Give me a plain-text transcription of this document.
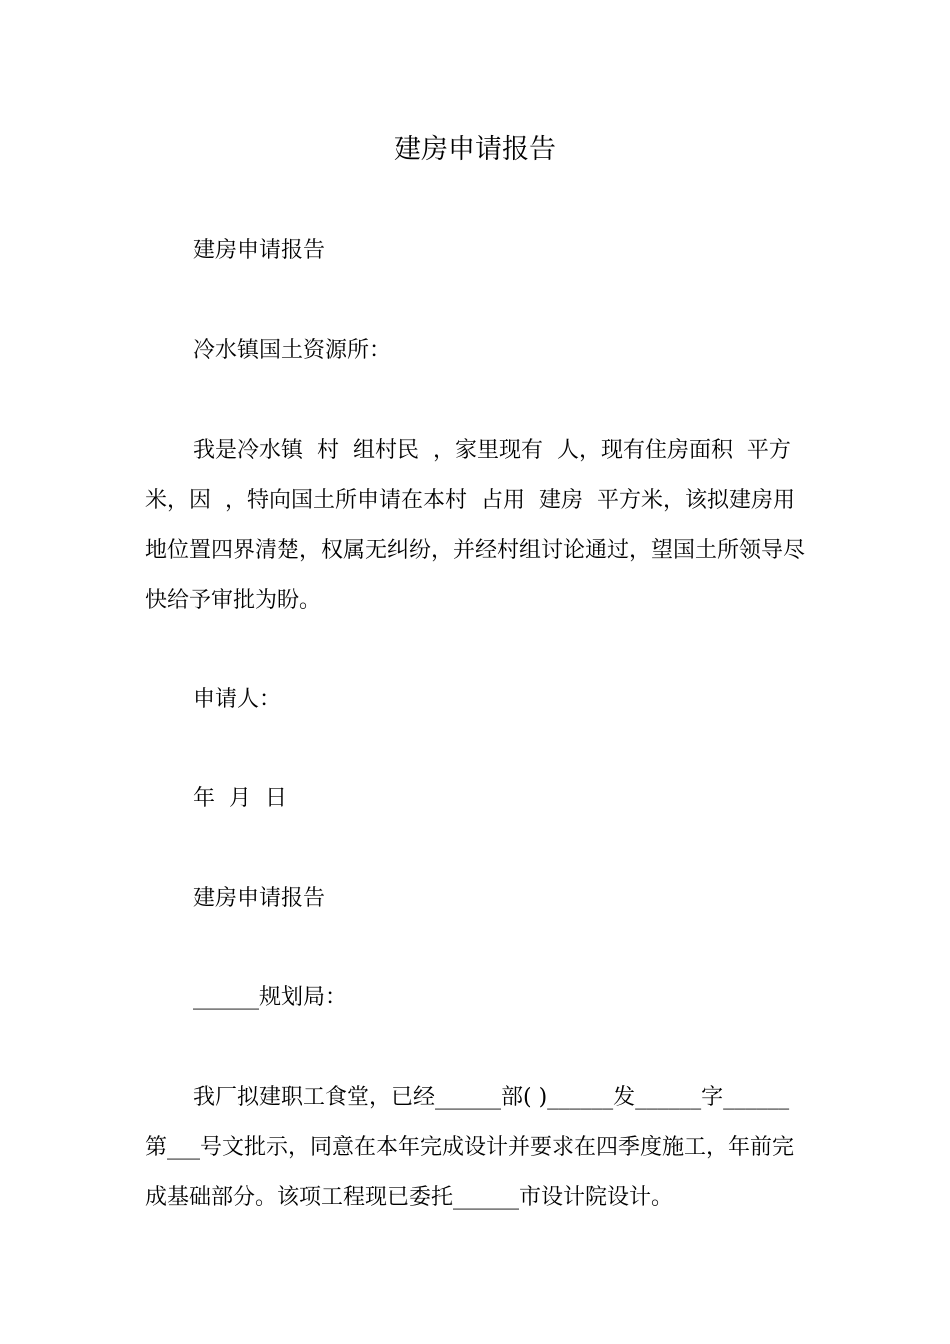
建房申请报告

建房申请报告

冷水镇国土资源所：

我是冷水镇  村  组村民  ，家里现有  人，现有住房面积  平方米，因  ，特向国土所申请在本村  占用  建房  平方米，该拟建房用地位置四界清楚，权属无纠纷，并经村组讨论通过，望国土所领导尽快给予审批为盼。

申请人：

年  月  日

建房申请报告

______规划局：

我厂拟建职工食堂，已经______部( )______发______字______第___号文批示，同意在本年完成设计并要求在四季度施工，年前完成基础部分。该项工程现已委托______市设计院设计。
